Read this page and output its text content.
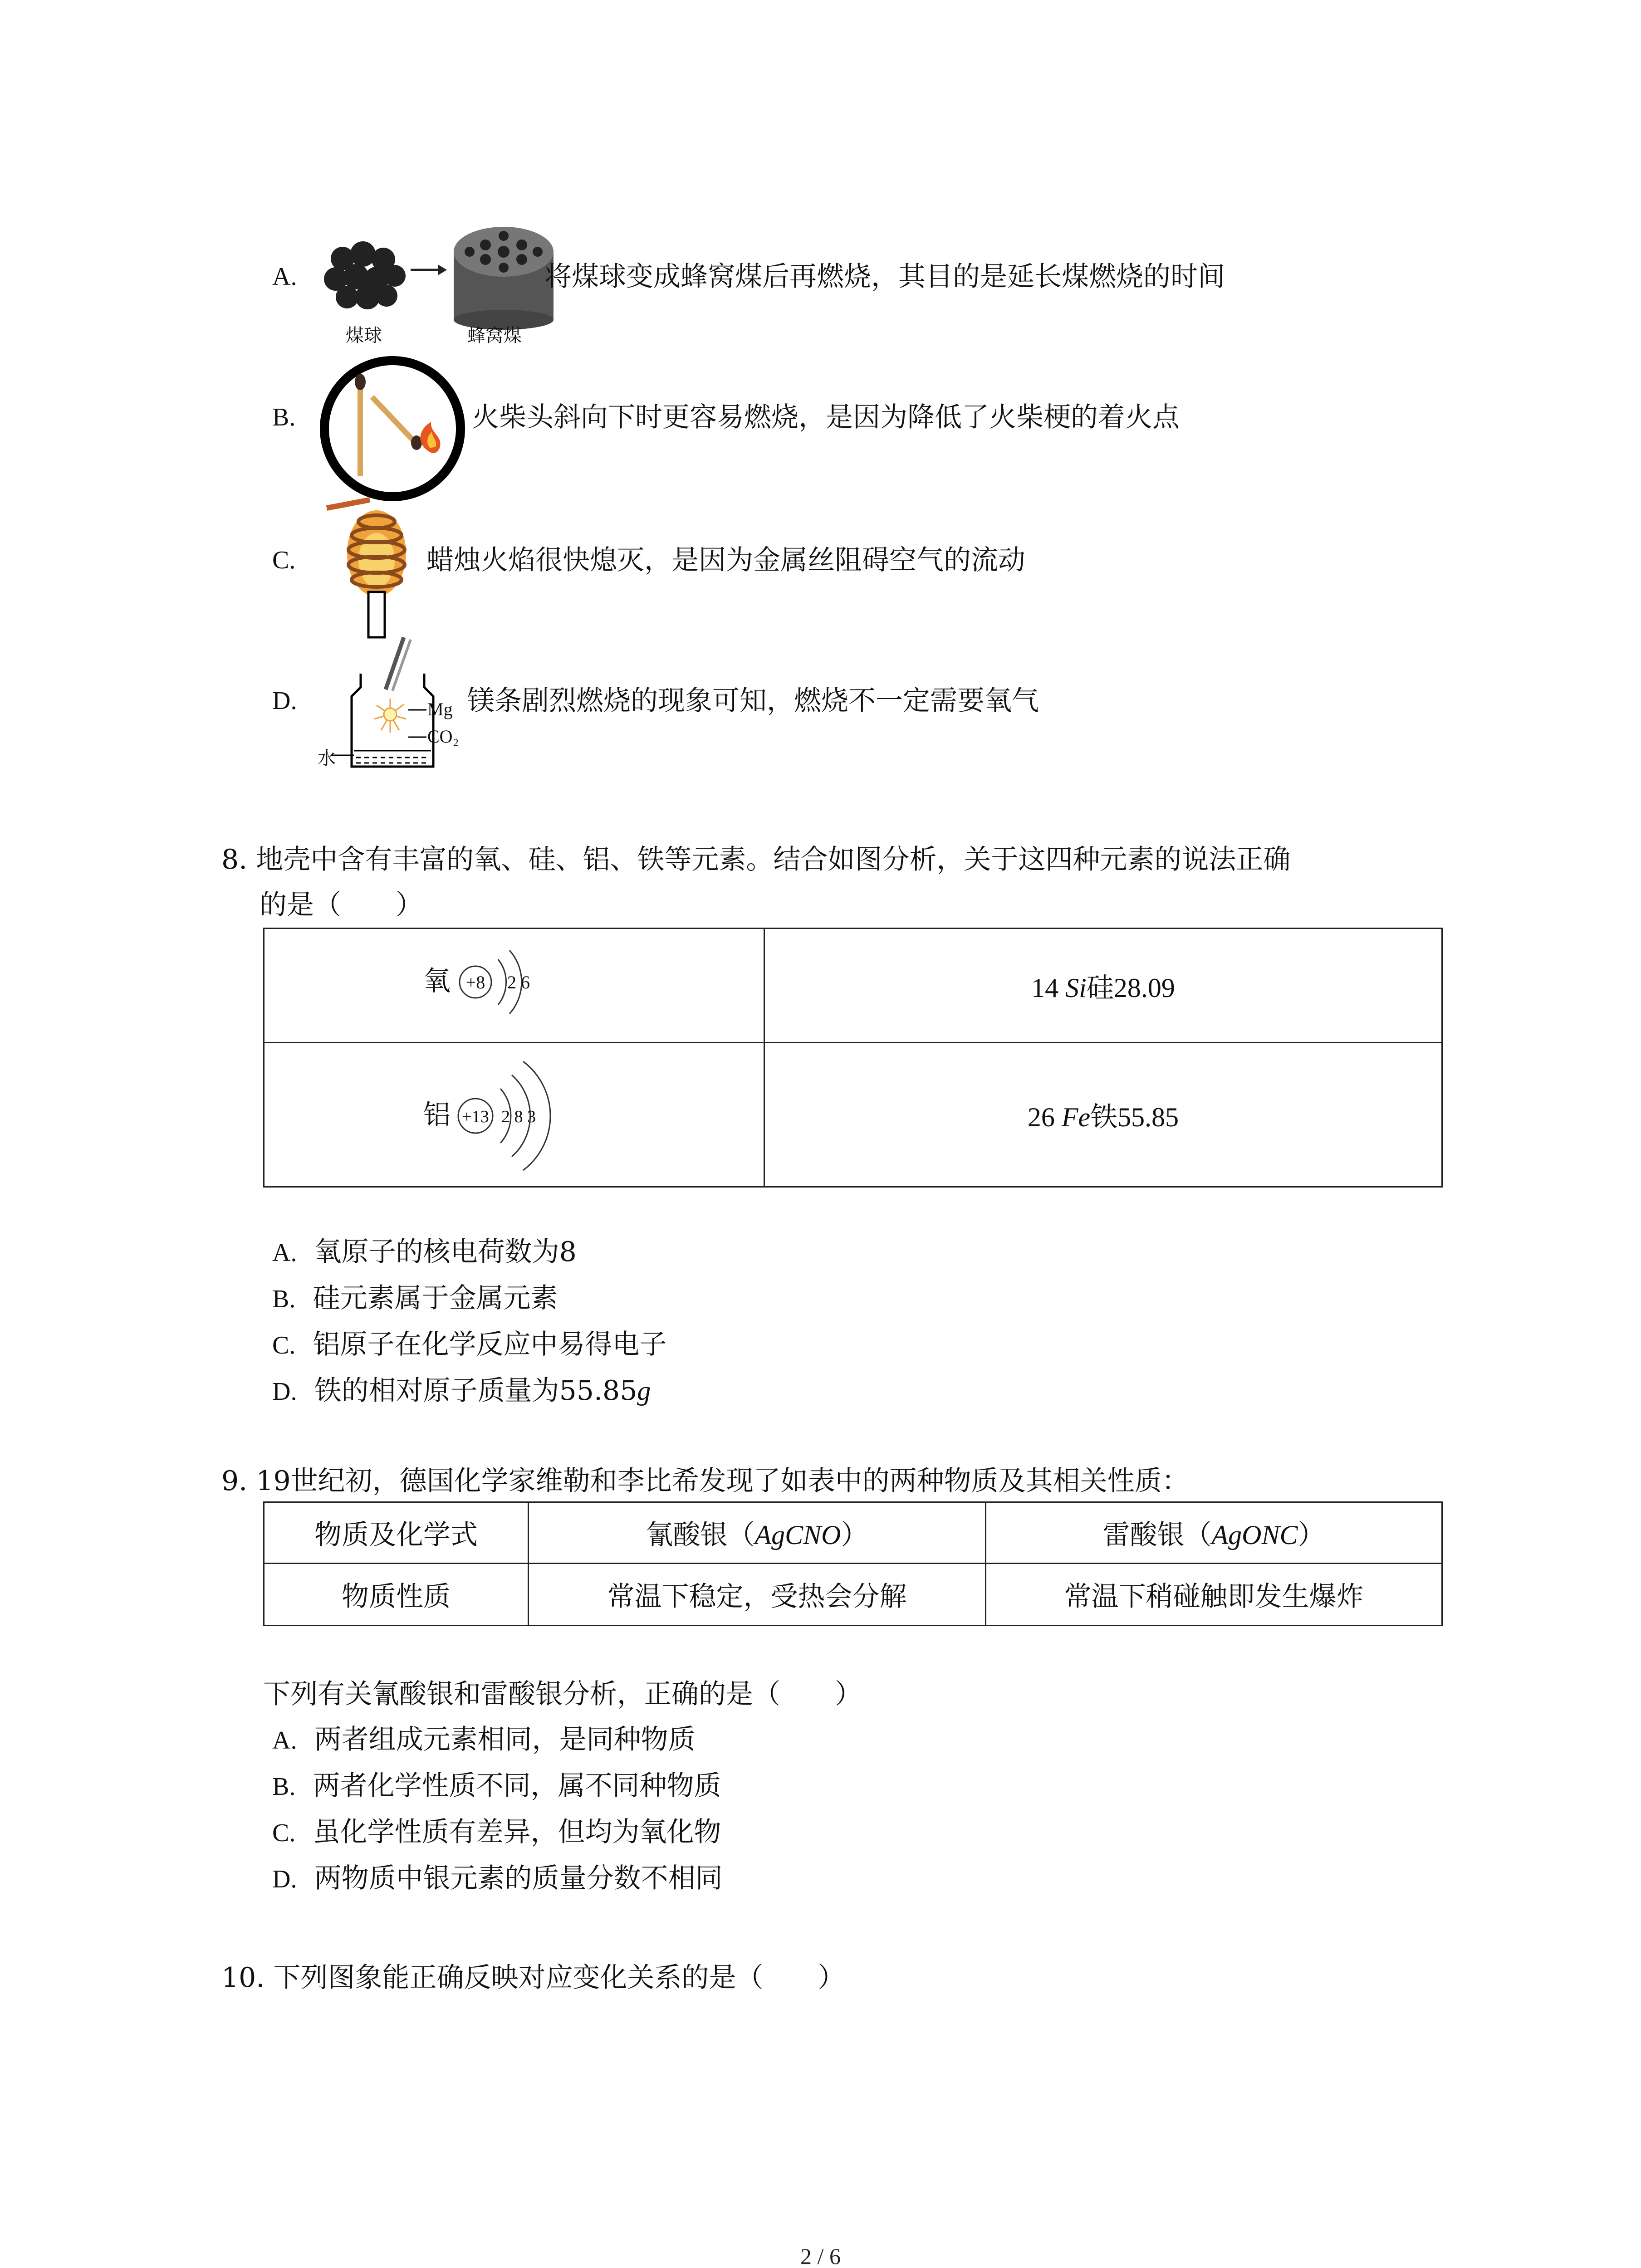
A.
煤球	蜂窝煤
将煤球变成蜂窝煤后再燃烧，其目的是延长煤燃烧的时间
B.	火柴头斜向下时更容易燃烧，是因为降低了火柴梗的着火点
C.	蜡烛火焰很快熄灭，是因为金属丝阻碍空气的流动
D.	Mg
CO₂
水
镁条剧烈燃烧的现象可知，燃烧不一定需要氧气
8. 地壳中含有丰富的氧、硅、铝、铁等元素。结合如图分析，关于这四种元素的说法正确
的是（　　）
氧 +8 2 6	14 Si硅28.09

铝 +13 2 8 3	26 Fe铁55.85
A. 氧原子的核电荷数为8
B. 硅元素属于金属元素
C. 铝原子在化学反应中易得电子
D. 铁的相对原子质量为55.85g
9. 19世纪初，德国化学家维勒和李比希发现了如表中的两种物质及其相关性质：
物质及化学式	氰酸银（AgCNO）	雷酸银（AgONC）
物质性质	常温下稳定，受热会分解	常温下稍碰触即发生爆炸
下列有关氰酸银和雷酸银分析，正确的是（　　）
A. 两者组成元素相同，是同种物质
B. 两者化学性质不同，属不同种物质
C. 虽化学性质有差异，但均为氧化物
D. 两物质中银元素的质量分数不相同
10. 下列图象能正确反映对应变化关系的是（　　）
2 / 6
